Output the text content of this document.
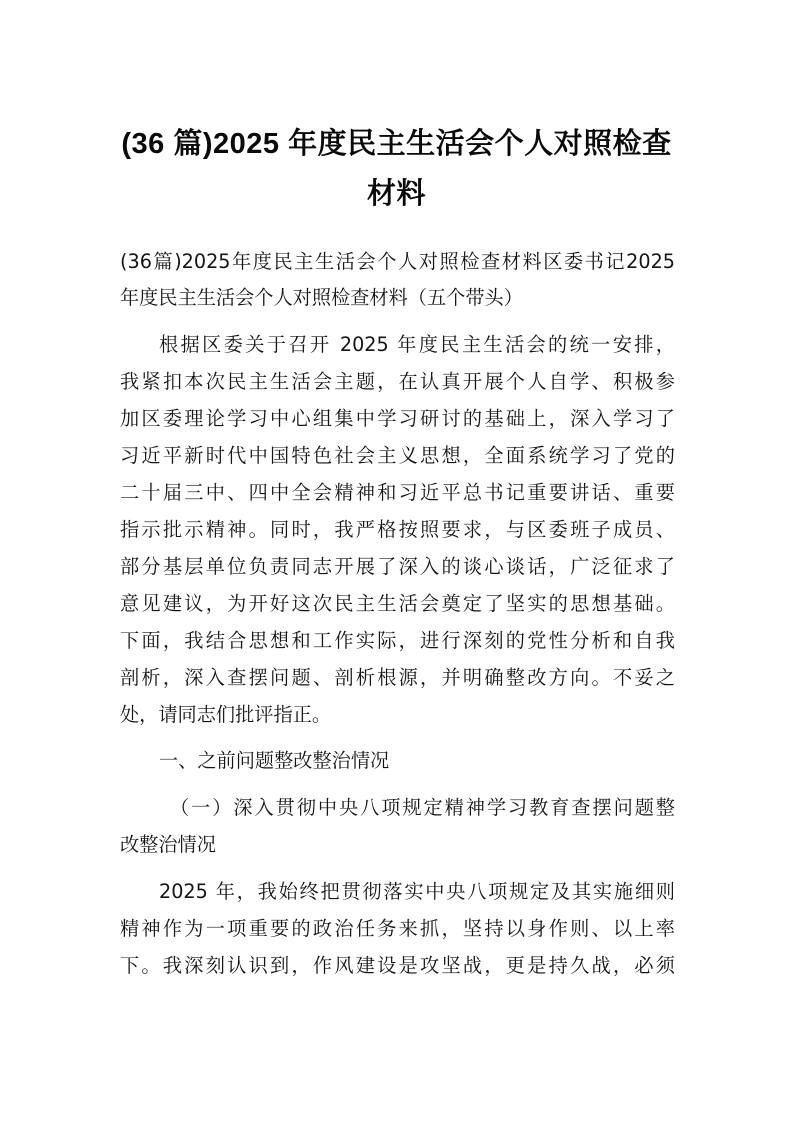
(36 篇)2025 年度民主生活会个人对照检查
材料
(36篇)2025年度民主生活会个人对照检查材料区委书记2025
年度民主生活会个人对照检查材料（五个带头）
根据区委关于召开 2025 年度民主生活会的统一安排，
我紧扣本次民主生活会主题，在认真开展个人自学、积极参
加区委理论学习中心组集中学习研讨的基础上，深入学习了
习近平新时代中国特色社会主义思想，全面系统学习了党的
二十届三中、四中全会精神和习近平总书记重要讲话、重要
指示批示精神。同时，我严格按照要求，与区委班子成员、
部分基层单位负责同志开展了深入的谈心谈话，广泛征求了
意见建议，为开好这次民主生活会奠定了坚实的思想基础。
下面，我结合思想和工作实际，进行深刻的党性分析和自我
剖析，深入查摆问题、剖析根源，并明确整改方向。不妥之
处，请同志们批评指正。
一、之前问题整改整治情况
（一）深入贯彻中央八项规定精神学习教育查摆问题整
改整治情况
2025 年，我始终把贯彻落实中央八项规定及其实施细则
精神作为一项重要的政治任务来抓，坚持以身作则、以上率
下。我深刻认识到，作风建设是攻坚战，更是持久战，必须
